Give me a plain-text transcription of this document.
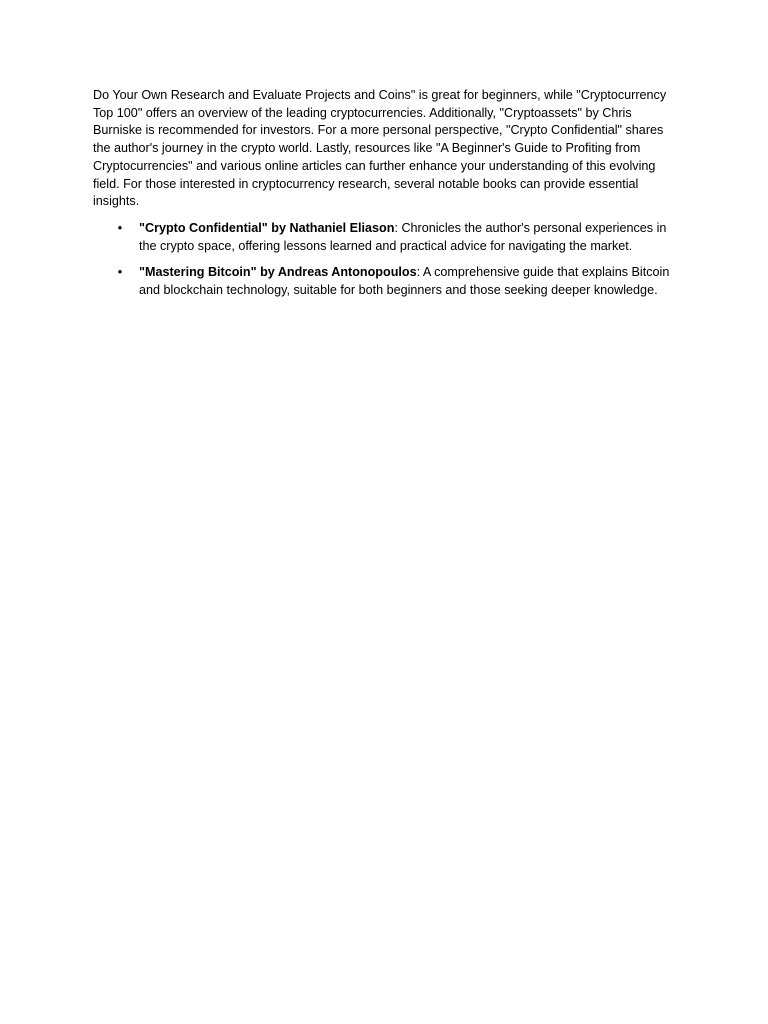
Do Your Own Research and Evaluate Projects and Coins" is great for beginners, while "Cryptocurrency Top 100" offers an overview of the leading cryptocurrencies. Additionally, "Cryptoassets" by Chris Burniske is recommended for investors. For a more personal perspective, "Crypto Confidential" shares the author's journey in the crypto world. Lastly, resources like "A Beginner's Guide to Profiting from Cryptocurrencies" and various online articles can further enhance your understanding of this evolving field. For those interested in cryptocurrency research, several notable books can provide essential insights.

•	"Crypto Confidential" by Nathaniel Eliason: Chronicles the author's personal experiences in the crypto space, offering lessons learned and practical advice for navigating the market.
•	"Mastering Bitcoin" by Andreas Antonopoulos: A comprehensive guide that explains Bitcoin and blockchain technology, suitable for both beginners and those seeking deeper knowledge.
